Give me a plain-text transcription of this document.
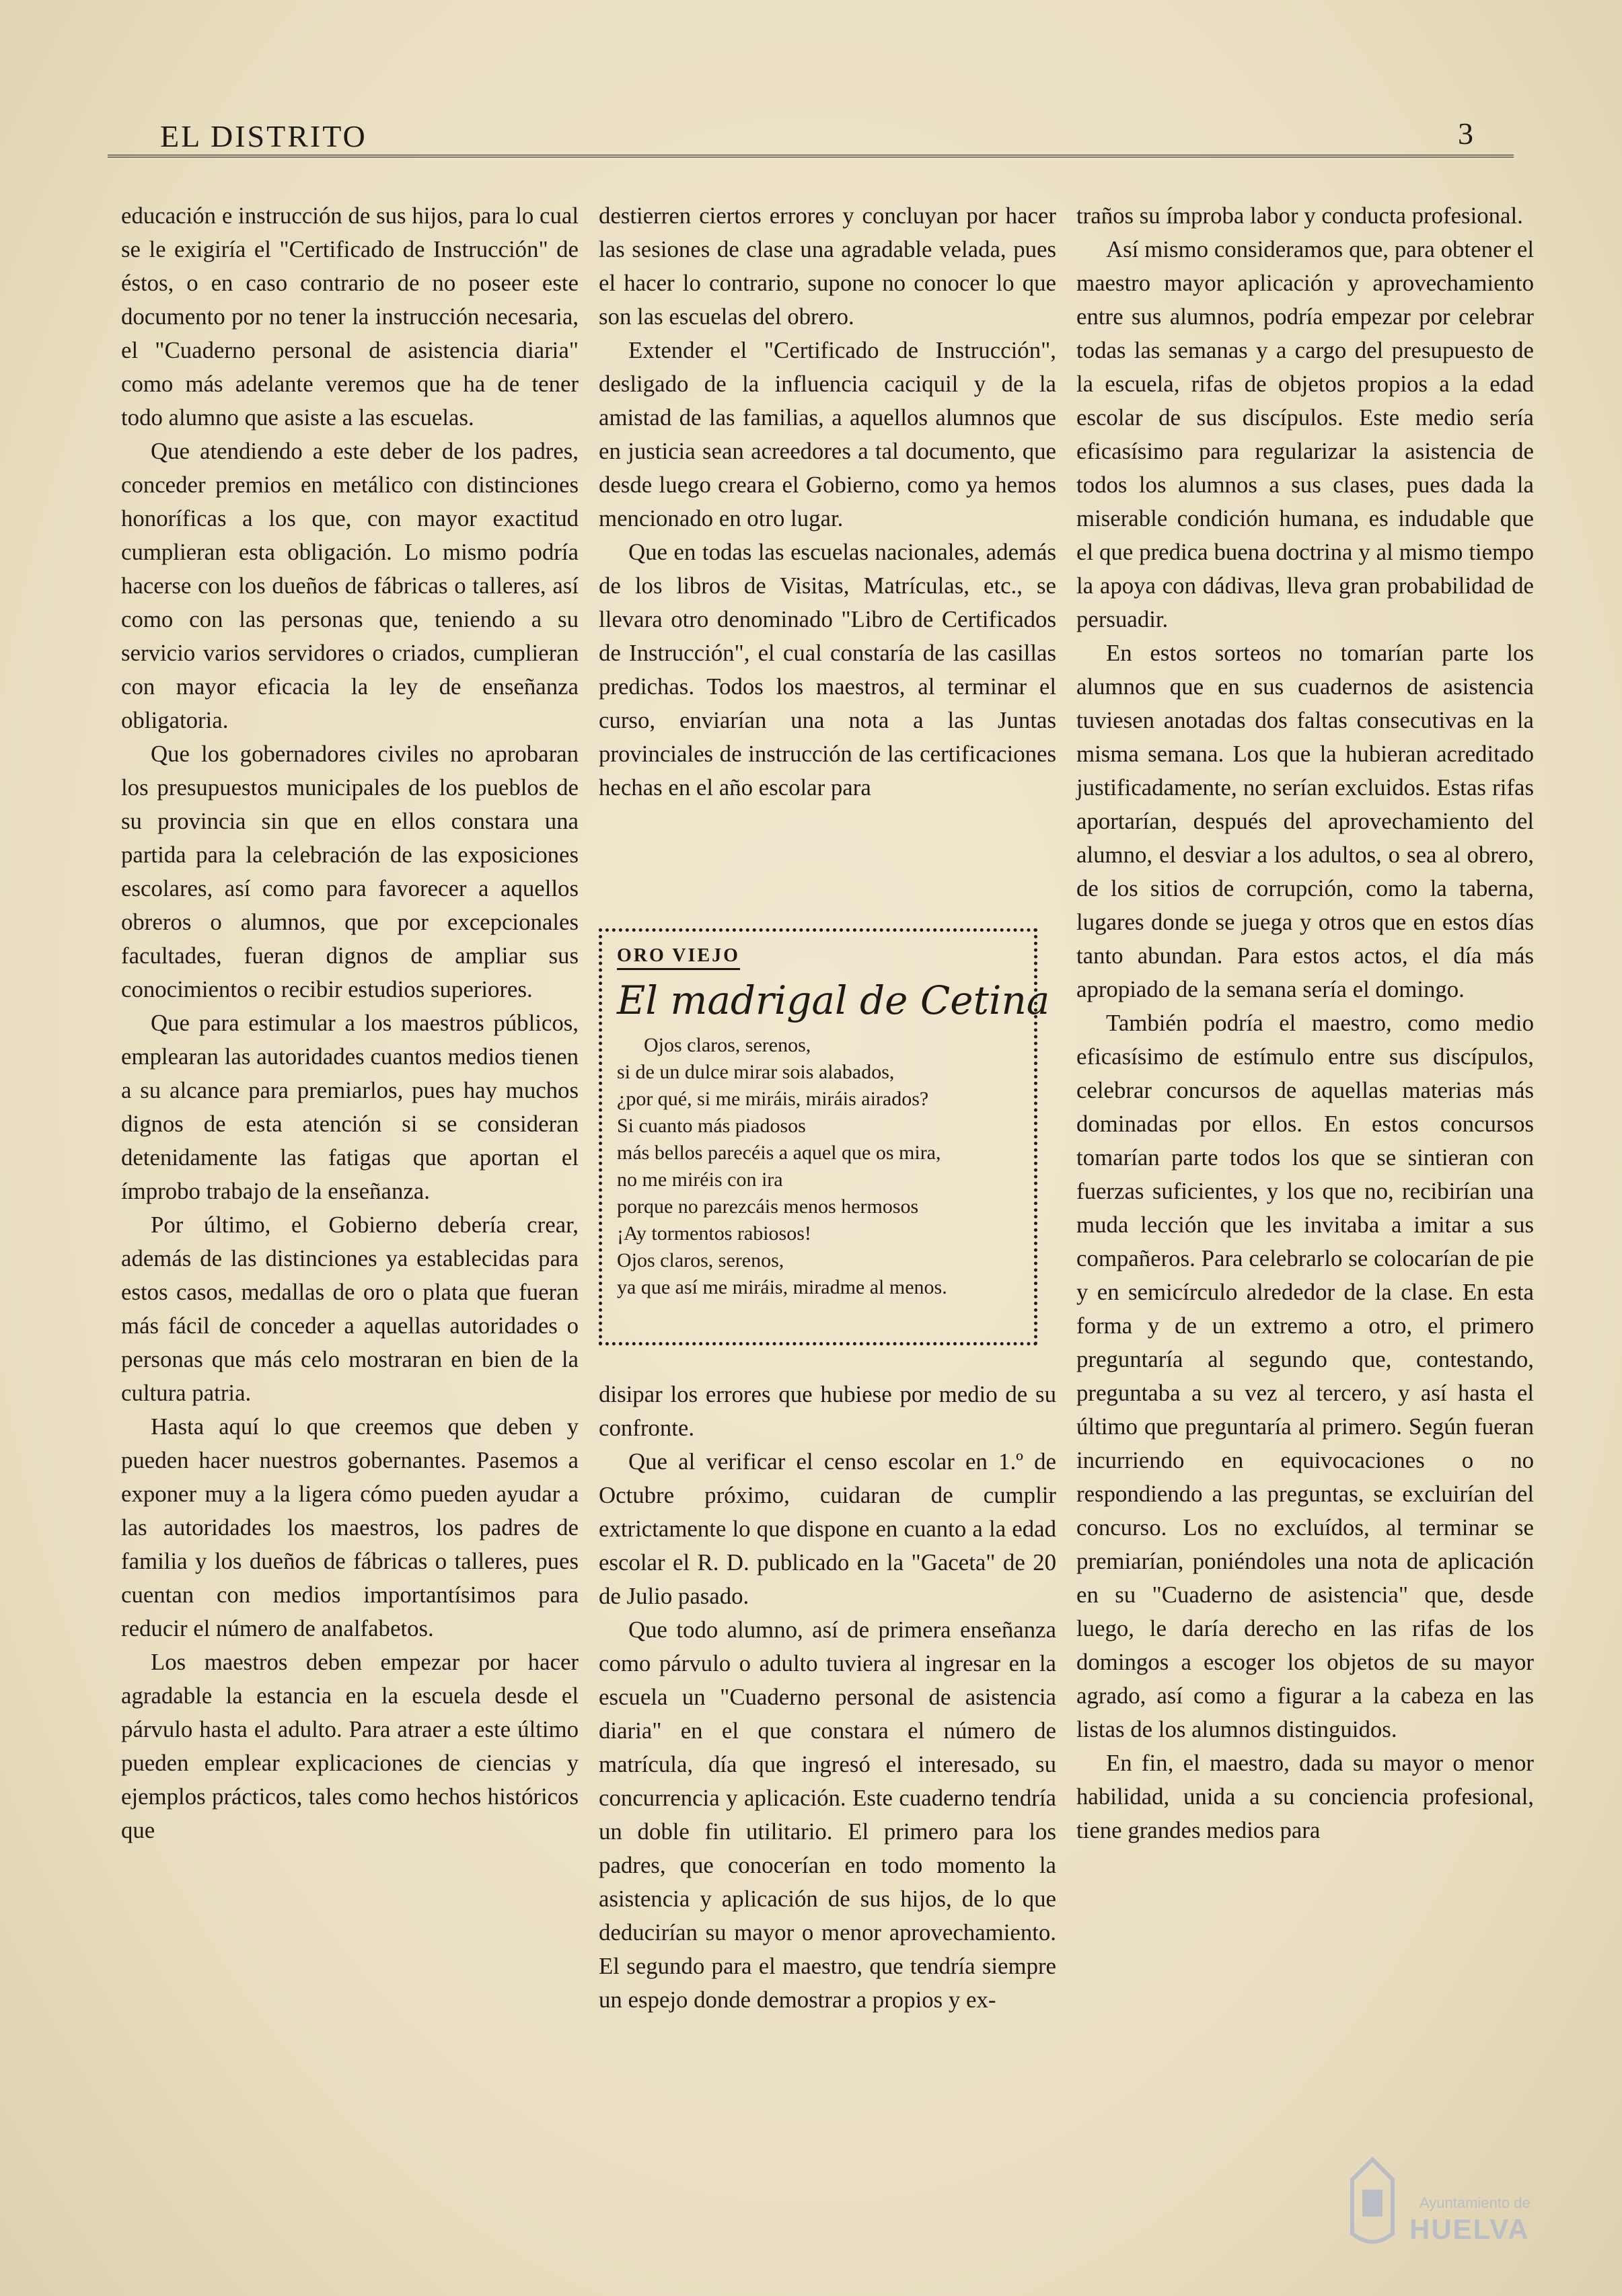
EL DISTRITO	3

educación e instrucción de sus hijos, para lo cual se le exigiría el "Certificado de Instrucción" de éstos, o en caso contrario de no poseer este documento por no tener la instrucción necesaria, el "Cuaderno personal de asistencia diaria" como más adelante veremos que ha de tener todo alumno que asiste a las escuelas.

Que atendiendo a este deber de los padres, conceder premios en metálico con distinciones honoríficas a los que, con mayor exactitud cumplieran esta obligación. Lo mismo podría hacerse con los dueños de fábricas o talleres, así como con las personas que, teniendo a su servicio varios servidores o criados, cumplieran con mayor eficacia la ley de enseñanza obligatoria.

Que los gobernadores civiles no aprobaran los presupuestos municipales de los pueblos de su provincia sin que en ellos constara una partida para la celebración de las exposiciones escolares, así como para favorecer a aquellos obreros o alumnos, que por excepcionales facultades, fueran dignos de ampliar sus conocimientos o recibir estudios superiores.

Que para estimular a los maestros públicos, emplearan las autoridades cuantos medios tienen a su alcance para premiarlos, pues hay muchos dignos de esta atención si se consideran detenidamente las fatigas que aportan el ímprobo trabajo de la enseñanza.

Por último, el Gobierno debería crear, además de las distinciones ya establecidas para estos casos, medallas de oro o plata que fueran más fácil de conceder a aquellas autoridades o personas que más celo mostraran en bien de la cultura patria.

Hasta aquí lo que creemos que deben y pueden hacer nuestros gobernantes. Pasemos a exponer muy a la ligera cómo pueden ayudar a las autoridades los maestros, los padres de familia y los dueños de fábricas o talleres, pues cuentan con medios importantísimos para reducir el número de analfabetos.

Los maestros deben empezar por hacer agradable la estancia en la escuela desde el párvulo hasta el adulto. Para atraer a este último pueden emplear explicaciones de ciencias y ejemplos prácticos, tales como hechos históricos que

destierren ciertos errores y concluyan por hacer las sesiones de clase una agradable velada, pues el hacer lo contrario, supone no conocer lo que son las escuelas del obrero.

Extender el "Certificado de Instrucción", desligado de la influencia caciquil y de la amistad de las familias, a aquellos alumnos que en justicia sean acreedores a tal documento, que desde luego creara el Gobierno, como ya hemos mencionado en otro lugar.

Que en todas las escuelas nacionales, además de los libros de Visitas, Matrículas, etc., se llevara otro denominado "Libro de Certificados de Instrucción", el cual constaría de las casillas predichas. Todos los maestros, al terminar el curso, enviarían una nota a las Juntas provinciales de instrucción de las certificaciones hechas en el año escolar para

ORO VIEJO
El madrigal de Cetina
Ojos claros, serenos,
si de un dulce mirar sois alabados,
¿por qué, si me miráis, miráis airados?
Si cuanto más piadosos
más bellos parecéis a aquel que os mira,
no me miréis con ira
porque no parezcáis menos hermosos
¡Ay tormentos rabiosos!
Ojos claros, serenos,
ya que así me miráis, miradme al menos.

disipar los errores que hubiese por medio de su confronte.

Que al verificar el censo escolar en 1.º de Octubre próximo, cuidaran de cumplir extrictamente lo que dispone en cuanto a la edad escolar el R. D. publicado en la "Gaceta" de 20 de Julio pasado.

Que todo alumno, así de primera enseñanza como párvulo o adulto tuviera al ingresar en la escuela un "Cuaderno personal de asistencia diaria" en el que constara el número de matrícula, día que ingresó el interesado, su concurrencia y aplicación. Este cuaderno tendría un doble fin utilitario. El primero para los padres, que conocerían en todo momento la asistencia y aplicación de sus hijos, de lo que deducirían su mayor o menor aprovechamiento. El segundo para el maestro, que tendría siempre un espejo donde demostrar a propios y ex-

traños su ímproba labor y conducta profesional.

Así mismo consideramos que, para obtener el maestro mayor aplicación y aprovechamiento entre sus alumnos, podría empezar por celebrar todas las semanas y a cargo del presupuesto de la escuela, rifas de objetos propios a la edad escolar de sus discípulos. Este medio sería eficasísimo para regularizar la asistencia de todos los alumnos a sus clases, pues dada la miserable condición humana, es indudable que el que predica buena doctrina y al mismo tiempo la apoya con dádivas, lleva gran probabilidad de persuadir.

En estos sorteos no tomarían parte los alumnos que en sus cuadernos de asistencia tuviesen anotadas dos faltas consecutivas en la misma semana. Los que la hubieran acreditado justificadamente, no serían excluidos. Estas rifas aportarían, después del aprovechamiento del alumno, el desviar a los adultos, o sea al obrero, de los sitios de corrupción, como la taberna, lugares donde se juega y otros que en estos días tanto abundan. Para estos actos, el día más apropiado de la semana sería el domingo.

También podría el maestro, como medio eficasísimo de estímulo entre sus discípulos, celebrar concursos de aquellas materias más dominadas por ellos. En estos concursos tomarían parte todos los que se sintieran con fuerzas suficientes, y los que no, recibirían una muda lección que les invitaba a imitar a sus compañeros. Para celebrarlo se colocarían de pie y en semicírculo alrededor de la clase. En esta forma y de un extremo a otro, el primero preguntaría al segundo que, contestando, preguntaba a su vez al tercero, y así hasta el último que preguntaría al primero. Según fueran incurriendo en equivocaciones o no respondiendo a las preguntas, se excluirían del concurso. Los no excluídos, al terminar se premiarían, poniéndoles una nota de aplicación en su "Cuaderno de asistencia" que, desde luego, le daría derecho en las rifas de los domingos a escoger los objetos de su mayor agrado, así como a figurar a la cabeza en las listas de los alumnos distinguidos.

En fin, el maestro, dada su mayor o menor habilidad, unida a su conciencia profesional, tiene grandes medios para

Ayuntamiento de
HUELVA
